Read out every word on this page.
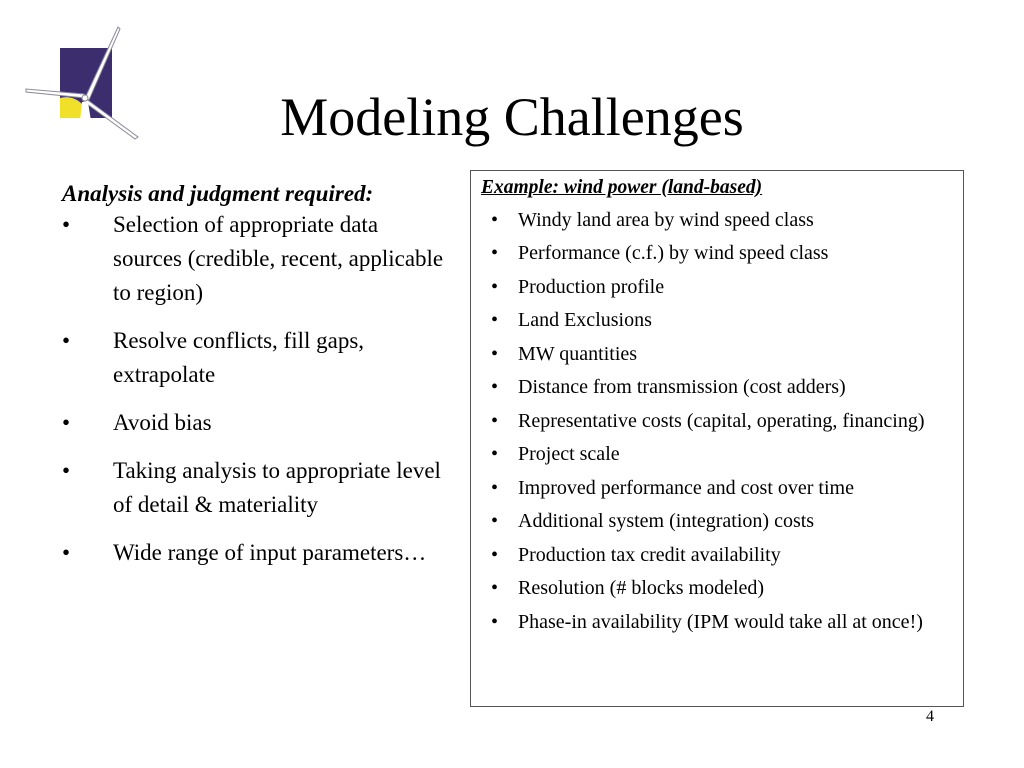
Modeling Challenges
Analysis and judgment required:
• Selection of appropriate data sources (credible, recent, applicable to region)
• Resolve conflicts, fill gaps, extrapolate
• Avoid bias
• Taking analysis to appropriate level of detail & materiality
• Wide range of input parameters…
Example: wind power (land-based)
• Windy land area by wind speed class
• Performance (c.f.) by wind speed class
• Production profile
• Land Exclusions
• MW quantities
• Distance from transmission (cost adders)
• Representative costs (capital, operating, financing)
• Project scale
• Improved performance and cost over time
• Additional system (integration) costs
• Production tax credit availability
• Resolution (# blocks modeled)
• Phase-in availability (IPM would take all at once!)
4
